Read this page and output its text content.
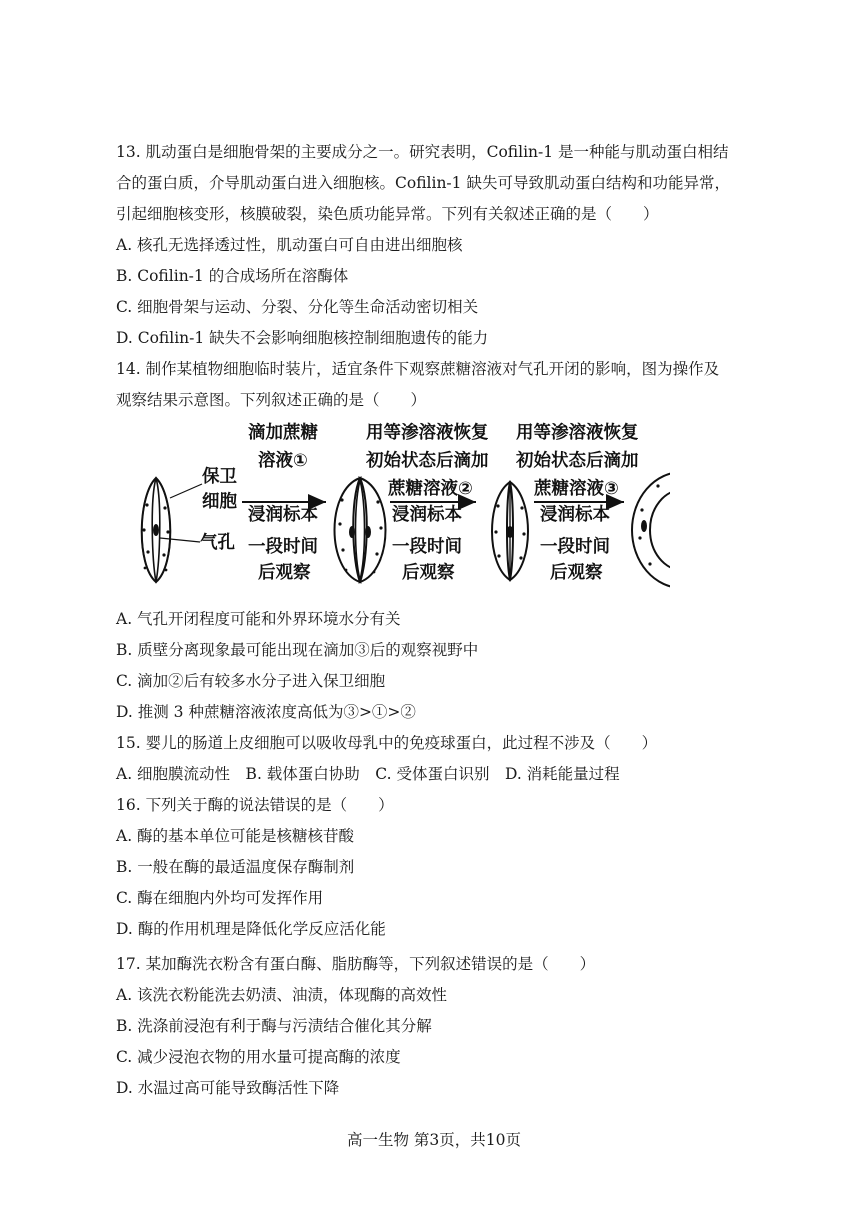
13. 肌动蛋白是细胞骨架的主要成分之一。研究表明，Cofilin-1 是一种能与肌动蛋白相结
合的蛋白质，介导肌动蛋白进入细胞核。Cofilin-1 缺失可导致肌动蛋白结构和功能异常，
引起细胞核变形，核膜破裂，染色质功能异常。下列有关叙述正确的是（　　）
A. 核孔无选择透过性，肌动蛋白可自由进出细胞核
B. Cofilin-1 的合成场所在溶酶体
C. 细胞骨架与运动、分裂、分化等生命活动密切相关
D. Cofilin-1 缺失不会影响细胞核控制细胞遗传的能力
14. 制作某植物细胞临时装片，适宜条件下观察蔗糖溶液对气孔开闭的影响，图为操作及
观察结果示意图。下列叙述正确的是（　　）
保卫
细胞
气孔
滴加蔗糖
溶液①
浸润标本
一段时间
后观察
用等渗溶液恢复
初始状态后滴加
蔗糖溶液②
浸润标本
一段时间
后观察
用等渗溶液恢复
初始状态后滴加
蔗糖溶液③
浸润标本
一段时间
后观察
A. 气孔开闭程度可能和外界环境水分有关
B. 质壁分离现象最可能出现在滴加③后的观察视野中
C. 滴加②后有较多水分子进入保卫细胞
D. 推测 3 种蔗糖溶液浓度高低为③>①>②
15. 婴儿的肠道上皮细胞可以吸收母乳中的免疫球蛋白，此过程不涉及（　　）
A. 细胞膜流动性　B. 载体蛋白协助　C. 受体蛋白识别　D. 消耗能量过程
16. 下列关于酶的说法错误的是（　　）
A. 酶的基本单位可能是核糖核苷酸
B. 一般在酶的最适温度保存酶制剂
C. 酶在细胞内外均可发挥作用
D. 酶的作用机理是降低化学反应活化能
17. 某加酶洗衣粉含有蛋白酶、脂肪酶等，下列叙述错误的是（　　）
A. 该洗衣粉能洗去奶渍、油渍，体现酶的高效性
B. 洗涤前浸泡有利于酶与污渍结合催化其分解
C. 减少浸泡衣物的用水量可提高酶的浓度
D. 水温过高可能导致酶活性下降
高一生物 第3页，共10页
